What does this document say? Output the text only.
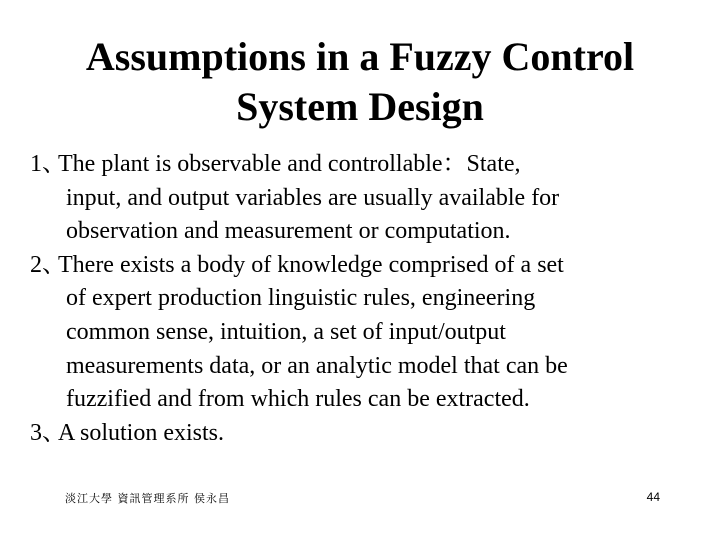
Assumptions in a Fuzzy Control
System Design
1、
The plant is observable and controllable：State,
input, and output variables are usually available for
observation and measurement or computation.
2、
There exists a body of knowledge comprised of a set
of expert production linguistic rules, engineering
common sense, intuition, a set of input/output
measurements data, or an analytic model that can be
fuzzified and from which rules can be extracted.
3、
A solution exists.
淡江大學 資訊管理系所 侯永昌	44
